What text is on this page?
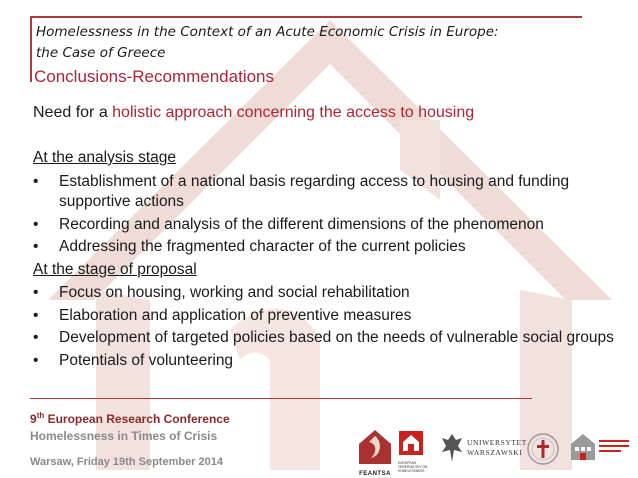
Homelessness in the Context of an Acute Economic Crisis in Europe:
the Case of Greece
Conclusions-Recommendations
Need for a holistic approach concerning the access to housing
At the analysis stage
• Establishment of a national basis regarding access to housing and funding supportive actions
• Recording and analysis of the different dimensions of the phenomenon
• Addressing the fragmented character of the current policies
At the stage of proposal
• Focus on housing, working and social rehabilitation
• Elaboration and application of preventive measures
• Development of targeted policies based on the needs of vulnerable social groups
• Potentials of volunteering
9th European Research Conference
Homelessness in Times of Crisis
Warsaw, Friday 19th September 2014
FEANTSA
EUROPEAN OBSERVATORY ON HOMELESSNESS
UNIWERSYTET
WARSZAWSKI
